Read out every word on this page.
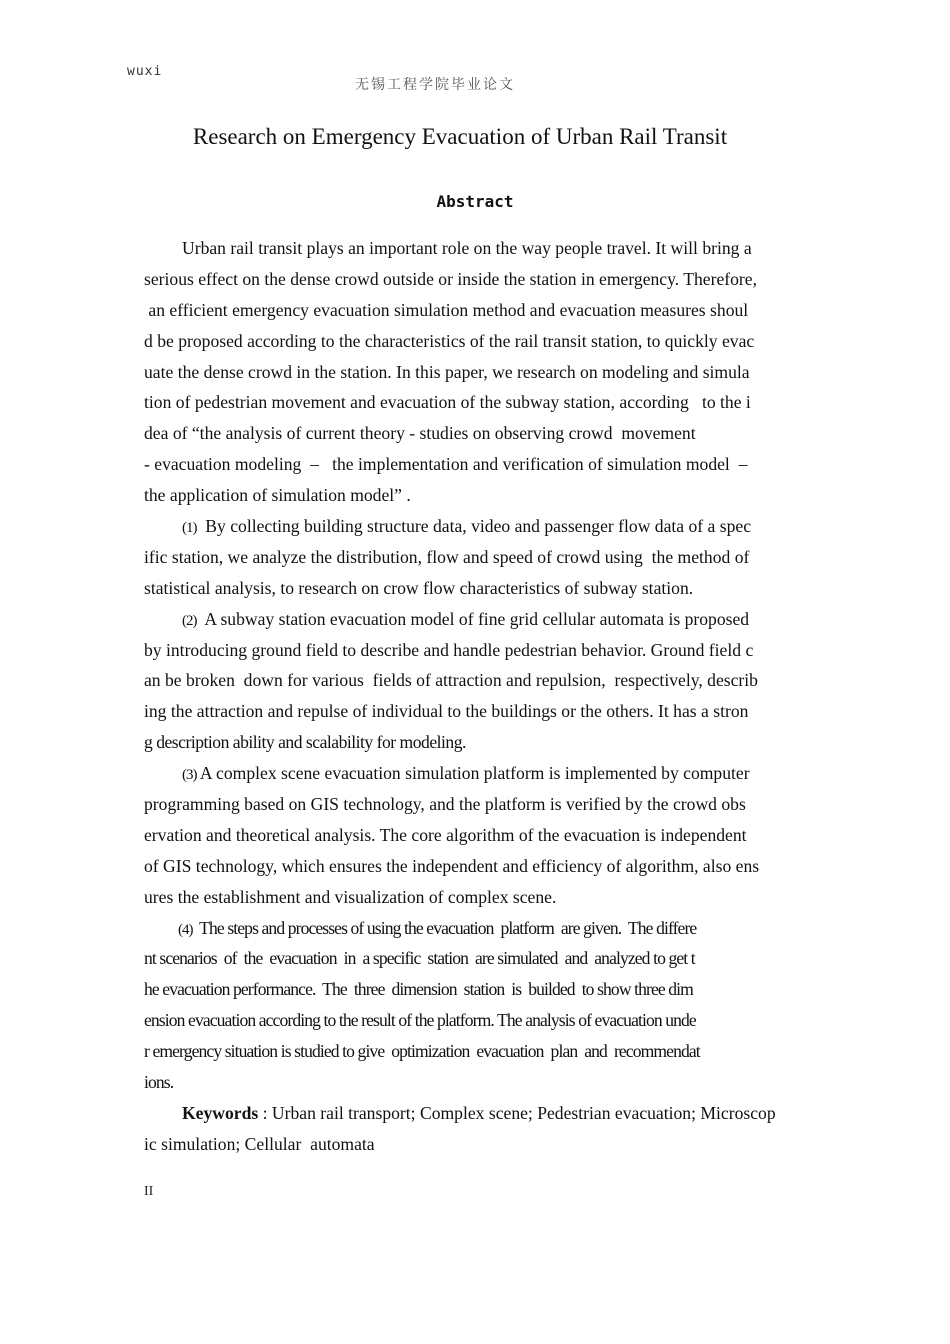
wuxi
无锡工程学院毕业论文
Research on Emergency Evacuation of Urban Rail Transit
Abstract
Urban rail transit plays an important role on the way people travel. It will bring a
serious effect on the dense crowd outside or inside the station in emergency. Therefore,
an efficient emergency evacuation simulation method and evacuation measures shoul
d be proposed according to the characteristics of the rail transit station, to quickly evac
uate the dense crowd in the station. In this paper, we research on modeling and simula
tion of pedestrian movement and evacuation of the subway station, according   to the i
dea of “the analysis of current theory - studies on observing crowd  movement
- evacuation modeling  –   the implementation and verification of simulation model  –
the application of simulation model” .
(1)  By collecting building structure data, video and passenger flow data of a spec
ific station, we analyze the distribution, flow and speed of crowd using  the method of
statistical analysis, to research on crow flow characteristics of subway station.
(2)  A subway station evacuation model of fine grid cellular automata is proposed
by introducing ground field to describe and handle pedestrian behavior. Ground field c
an be broken  down for various  fields of attraction and repulsion,  respectively, describ
ing the attraction and repulse of individual to the buildings or the others. It has a stron
g description ability and scalability for modeling.
(3) A complex scene evacuation simulation platform is implemented by computer
programming based on GIS technology, and the platform is verified by the crowd obs
ervation and theoretical analysis. The core algorithm of the evacuation is independent
of GIS technology, which ensures the independent and efficiency of algorithm, also ens
ures the establishment and visualization of complex scene.
(4)  The steps and processes of using the evacuation  platform  are given.  The differe
nt scenarios  of  the  evacuation  in  a specific  station  are simulated  and  analyzed to get t
he evacuation performance.  The  three  dimension  station  is  builded  to show three dim
ension evacuation according to the result of the platform. The analysis of evacuation unde
r emergency situation is studied to give  optimization  evacuation  plan  and  recommendat
ions.
Keywords : Urban rail transport; Complex scene; Pedestrian evacuation; Microscop
ic simulation; Cellular  automata
II
